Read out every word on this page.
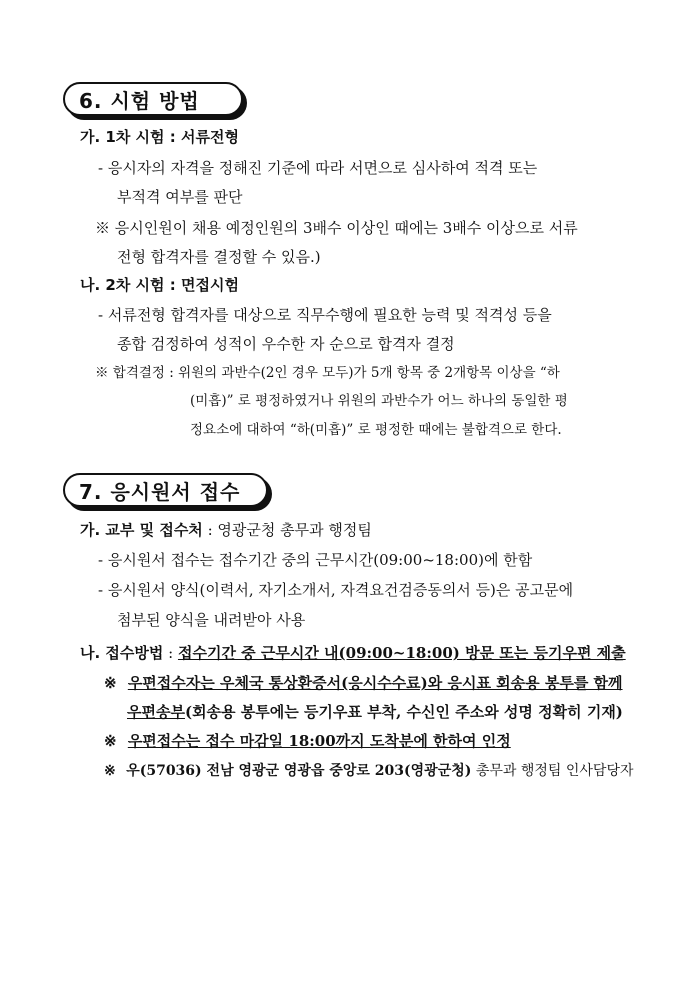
6. 시험 방법
가. 1차 시험 : 서류전형
- 응시자의 자격을 정해진 기준에 따라 서면으로 심사하여 적격 또는
부적격 여부를 판단
※ 응시인원이 채용 예정인원의 3배수 이상인 때에는 3배수 이상으로 서류
전형 합격자를 결정할 수 있음.)
나. 2차 시험 : 면접시험
- 서류전형 합격자를 대상으로 직무수행에 필요한 능력 및 적격성 등을
종합 검정하여 성적이 우수한 자 순으로 합격자 결정
※ 합격결정 : 위원의 과반수(2인 경우 모두)가 5개 항목 중 2개항목 이상을 “하
(미흡)” 로 평정하였거나 위원의 과반수가 어느 하나의 동일한 평
정요소에 대하여 “하(미흡)” 로 평정한 때에는 불합격으로 한다.
7. 응시원서 접수
가. 교부 및 접수처 : 영광군청 총무과 행정팀
- 응시원서 접수는 접수기간 중의 근무시간(09:00~18:00)에 한함
- 응시원서 양식(이력서, 자기소개서, 자격요건검증동의서 등)은 공고문에
첨부된 양식을 내려받아 사용
나. 접수방법 : 접수기간 중 근무시간 내(09:00~18:00) 방문 또는 등기우편 제출
※ 우편접수자는 우체국 통상환증서(응시수수료)와 응시표 회송용 봉투를 함께
우편송부(회송용 봉투에는 등기우표 부착, 수신인 주소와 성명 정확히 기재)
※ 우편접수는 접수 마감일 18:00까지 도착분에 한하여 인정
※ 우(57036) 전남 영광군 영광읍 중앙로 203(영광군청) 총무과 행정팀 인사담당자
